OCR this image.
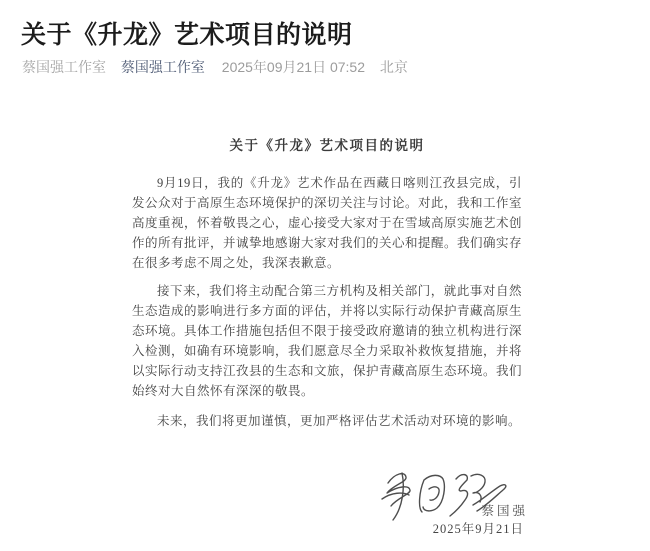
关于《升龙》艺术项目的说明
蔡国强工作室 蔡国强工作室 2025年09月21日 07:52 北京
关于《升龙》艺术项目的说明

9月19日，我的《升龙》艺术作品在西藏日喀则江孜县完成，引发公众对于高原生态环境保护的深切关注与讨论。对此，我和工作室高度重视，怀着敬畏之心，虚心接受大家对于在雪域高原实施艺术创作的所有批评，并诚挚地感谢大家对我们的关心和提醒。我们确实存在很多考虑不周之处，我深表歉意。

接下来，我们将主动配合第三方机构及相关部门，就此事对自然生态造成的影响进行多方面的评估，并将以实际行动保护青藏高原生态环境。具体工作措施包括但不限于接受政府邀请的独立机构进行深入检测，如确有环境影响，我们愿意尽全力采取补救恢复措施，并将以实际行动支持江孜县的生态和文旅，保护青藏高原生态环境。我们始终对大自然怀有深深的敬畏。

未来，我们将更加谨慎，更加严格评估艺术活动对环境的影响。

蔡国强
2025年9月21日
